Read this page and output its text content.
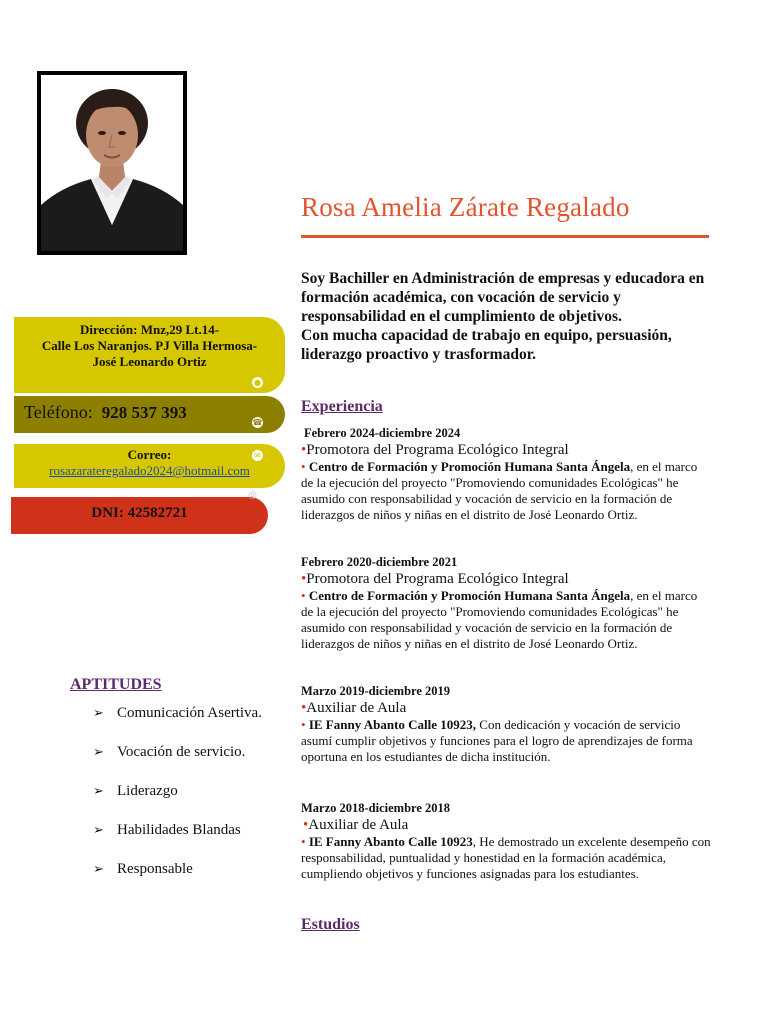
Rosa Amelia Zárate Regalado

Soy Bachiller en Administración de empresas y educadora en formación académica, con vocación de servicio y responsabilidad en el cumplimiento de objetivos.

Con mucha capacidad de trabajo en equipo, persuasión, liderazgo proactivo y trasformador.

Dirección: Mnz,29 Lt.14-
Calle Los Naranjos. PJ Villa Hermosa-
José Leonardo Ortiz
●
Teléfono: 928 537 393
☎
Correo:
rosazarateregalado2024@hotmail.com
✉
DNI: 42582721
◎
APTITUDES
➢ Comunicación Asertiva.
➢ Vocación de servicio.
➢ Liderazgo
➢ Habilidades Blandas
➢ Responsable
Experiencia
Febrero 2024-diciembre 2024
•Promotora del Programa Ecológico Integral
• Centro de Formación y Promoción Humana Santa Ángela, en el marco de la ejecución del proyecto "Promoviendo comunidades Ecológicas" he asumido con responsabilidad y vocación de servicio en la formación de liderazgos de niños y niñas en el distrito de José Leonardo Ortiz.
Febrero 2020-diciembre 2021
•Promotora del Programa Ecológico Integral
• Centro de Formación y Promoción Humana Santa Ángela, en el marco de la ejecución del proyecto "Promoviendo comunidades Ecológicas" he asumido con responsabilidad y vocación de servicio en la formación de liderazgos de niños y niñas en el distrito de José Leonardo Ortiz.
Marzo 2019-diciembre 2019
•Auxiliar de Aula
• IE Fanny Abanto Calle 10923, Con dedicación y vocación de servicio asumí cumplir objetivos y funciones para el logro de aprendizajes de forma oportuna en los estudiantes de dicha institución.
Marzo 2018-diciembre 2018
•Auxiliar de Aula
• IE Fanny Abanto Calle 10923, He demostrado un excelente desempeño con responsabilidad, puntualidad y honestidad en la formación académica, cumpliendo objetivos y funciones asignadas para los estudiantes.
Estudios
